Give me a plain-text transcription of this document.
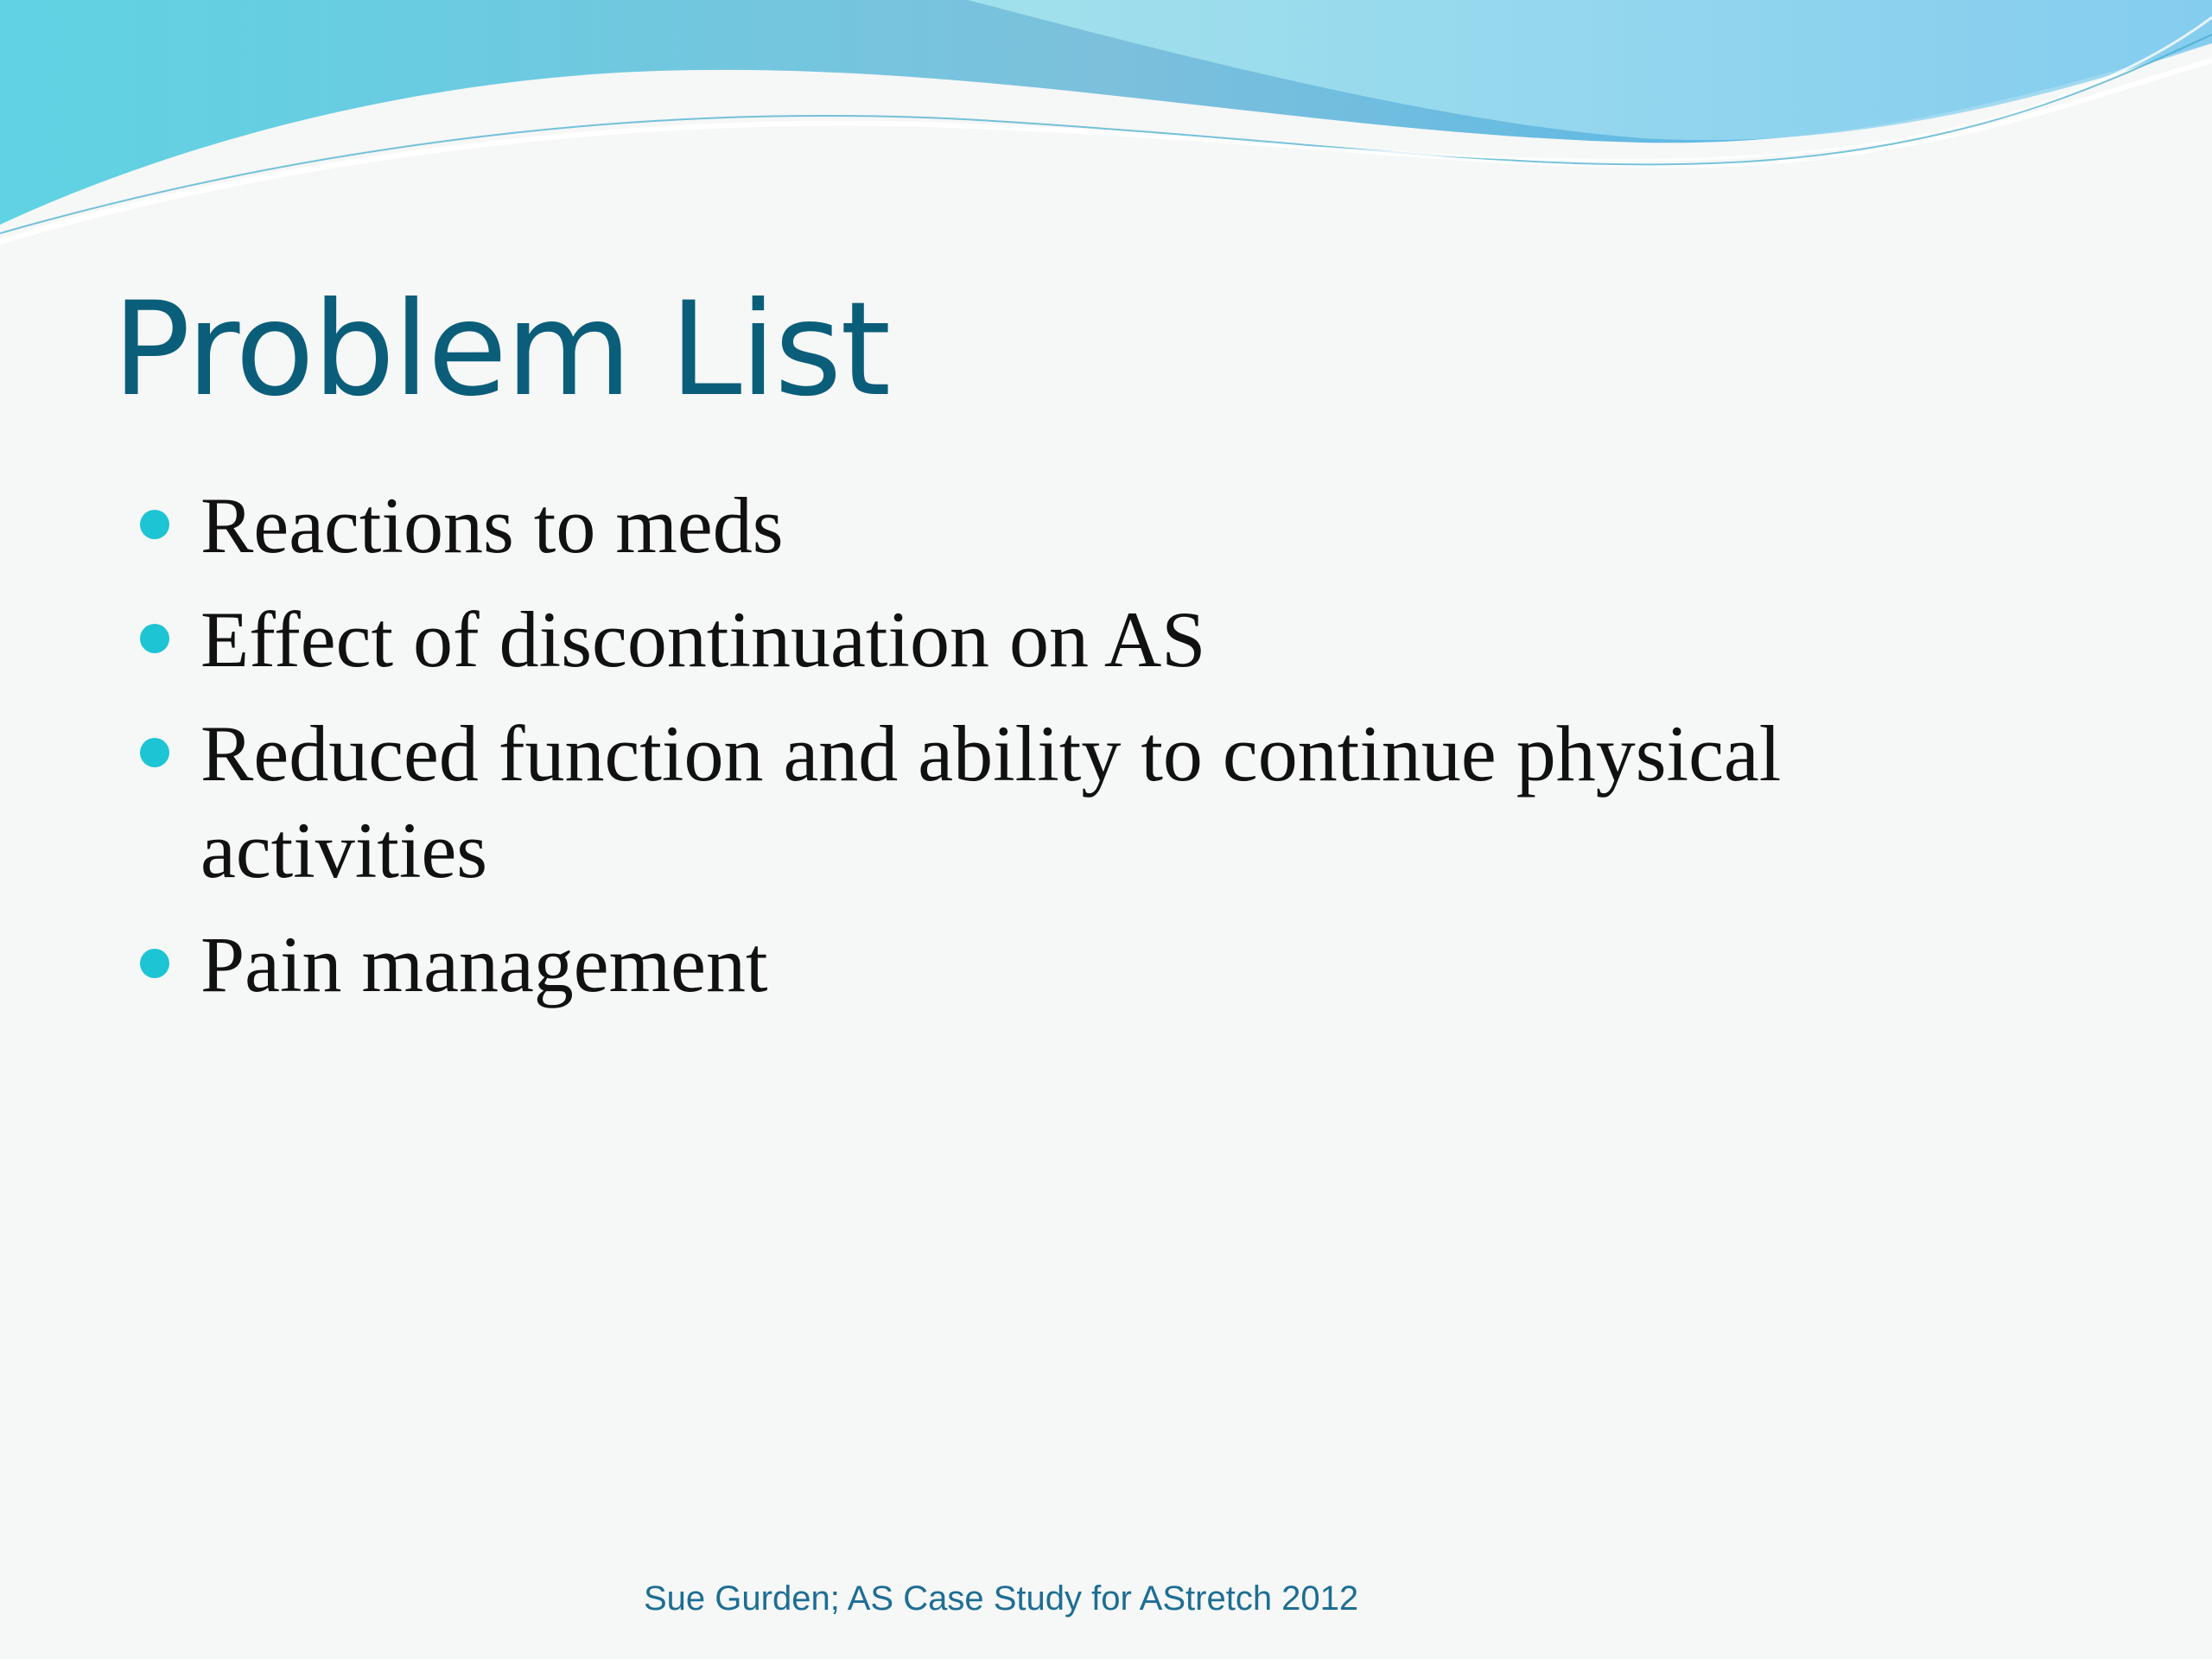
Problem List
Reactions to meds
Effect of discontinuation on AS
Reduced function and ability to continue physical activities
Pain management
Sue Gurden; AS Case Study for AStretch 2012
